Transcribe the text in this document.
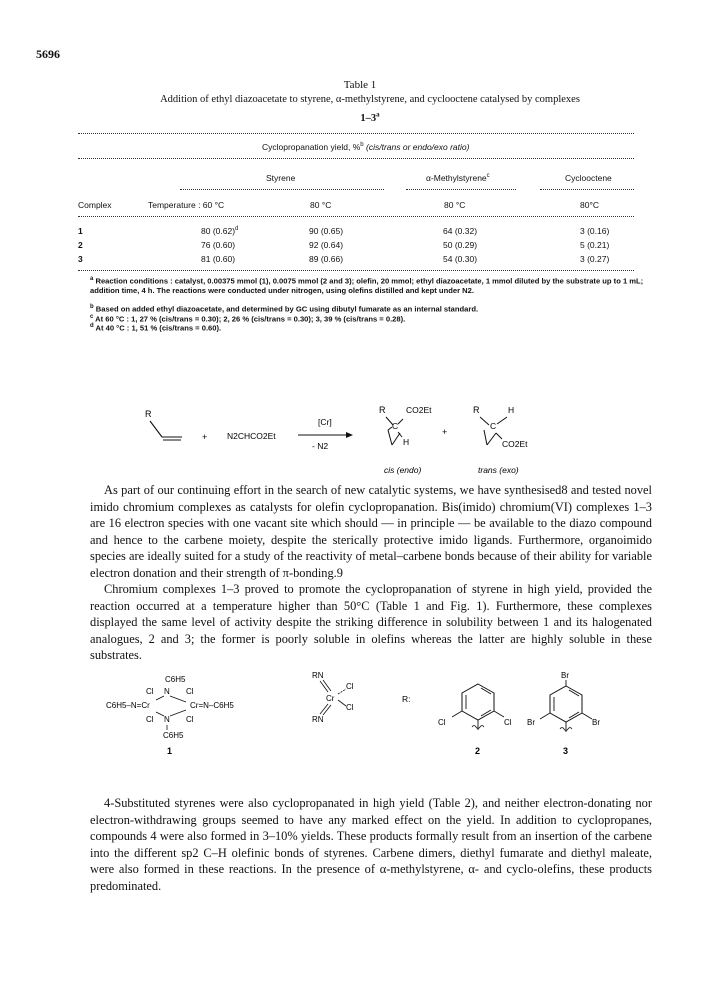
5696
Table 1
Addition of ethyl diazoacetate to styrene, α-methylstyrene, and cyclooctene catalysed by complexes
1–3$^a$
Cyclopropanation yield, %$^b$ (cis/trans or endo/exo ratio)
Styrene	α-Methylstyrene$^c$	Cyclooctene
Complex	Temperature : 60 °C	80 °C	80 °C	80°C
1	80 $(0.62)^d$	90 (0.65)	64 (0.32)	3 (0.16)
2	76 (0.60)	92 (0.64)	50 (0.29)	5 (0.21)
3	81 (0.60)	89 (0.66)	54 (0.30)	3 (0.27)
$^a$ Reaction conditions : catalyst, 0.00375 mmol (1), 0.0075 mmol (2 and 3); olefin, 20 mmol; ethyl diazoacetate, 1 mmol diluted by the substrate up to 1 mL; addition time, 4 h. The reactions were conducted under nitrogen, using olefins distilled and kept under N2.
$^b$ Based on added ethyl diazoacetate, and determined by GC using dibutyl fumarate as an internal standard.
$^c$ At 60 °C : 1, 27 % (cis/trans = 0.30); 2, 26 % (cis/trans = 0.30); 3, 39 % (cis/trans = 0.28).
$^d$ At 40 °C : 1, 51 % (cis/trans = 0.60).
R
+ N2CHCO2Et
[Cr]
- N2
R CO2Et
C
H
+
R	H
C
CO2Et
cis (endo)	trans (exo)

As part of our continuing effort in the search of new catalytic systems, we have synthesised8 and tested novel imido chromium complexes as catalysts for olefin cyclopropanation. Bis(imido) chromium(VI) complexes 1–3 are 16 electron species with one vacant site which should — in principle — be available to the diazo compound and hence to the carbene moiety, despite the sterically protective imido ligands. Furthermore, organoimido species are ideally suited for a study of the reactivity of metal–carbene bonds because of their ability for variable electron donation and their strength of π-bonding.9

Chromium complexes 1–3 proved to promote the cyclopropanation of styrene in high yield, provided the reaction occurred at a temperature higher than 50°C (Table 1 and Fig. 1). Furthermore, these complexes displayed the same level of activity despite the striking difference in solubility between 1 and its halogenated analogues, 2 and 3; the former is poorly soluble in olefins whereas the latter are highly soluble in these substrates.

C6H5
Cl N Cl
C6H5–N=Cr	Cr=N–C6H5
Cl N Cl
C6H5
1
RN
Cr
Cl
Cl
RN
R:
Cl	Cl
2
Br
Br	Br
3

4-Substituted styrenes were also cyclopropanated in high yield (Table 2), and neither electron-donating nor electron-withdrawing groups seemed to have any marked effect on the yield. In addition to cyclopropanes, compounds 4 were also formed in 3–10% yields. These products formally result from an insertion of the carbene into the different sp2 C–H olefinic bonds of styrenes. Carbene dimers, diethyl fumarate and diethyl maleate, were also formed in these reactions. In the presence of α-methylstyrene, α- and cyclo-olefins, these products predominated.
